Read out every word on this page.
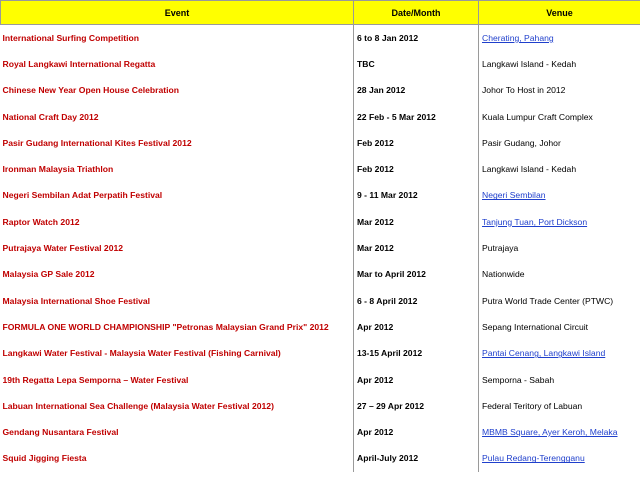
Event	Date/Month	Venue
International Surfing Competition	6 to 8 Jan 2012	Cherating, Pahang
Royal Langkawi International Regatta	TBC	Langkawi Island - Kedah
Chinese New Year Open House Celebration	28 Jan 2012	Johor To Host in 2012
National Craft Day 2012	22 Feb - 5 Mar 2012	Kuala Lumpur Craft Complex
Pasir Gudang International Kites Festival 2012	Feb 2012	Pasir Gudang, Johor
Ironman Malaysia Triathlon	Feb 2012	Langkawi Island - Kedah
Negeri Sembilan Adat Perpatih Festival	9 - 11 Mar 2012	Negeri Sembilan
Raptor Watch 2012	Mar 2012	Tanjung Tuan, Port Dickson
Putrajaya Water Festival 2012	Mar 2012	Putrajaya
Malaysia GP Sale 2012	Mar to April 2012	Nationwide
Malaysia International Shoe Festival	6 - 8 April 2012	Putra World Trade Center (PTWC)
FORMULA ONE WORLD CHAMPIONSHIP "Petronas Malaysian Grand Prix" 2012	Apr 2012	Sepang International Circuit
Langkawi Water Festival - Malaysia Water Festival (Fishing Carnival)	13-15 April 2012	Pantai Cenang, Langkawi Island
19th Regatta Lepa Semporna – Water Festival	Apr 2012	Semporna - Sabah
Labuan International Sea Challenge (Malaysia Water Festival 2012)	27 – 29 Apr 2012	Federal Teritory of Labuan
Gendang Nusantara Festival	Apr 2012	MBMB Square, Ayer Keroh, Melaka
Squid Jigging Fiesta	April-July 2012	Pulau Redang-Terengganu
